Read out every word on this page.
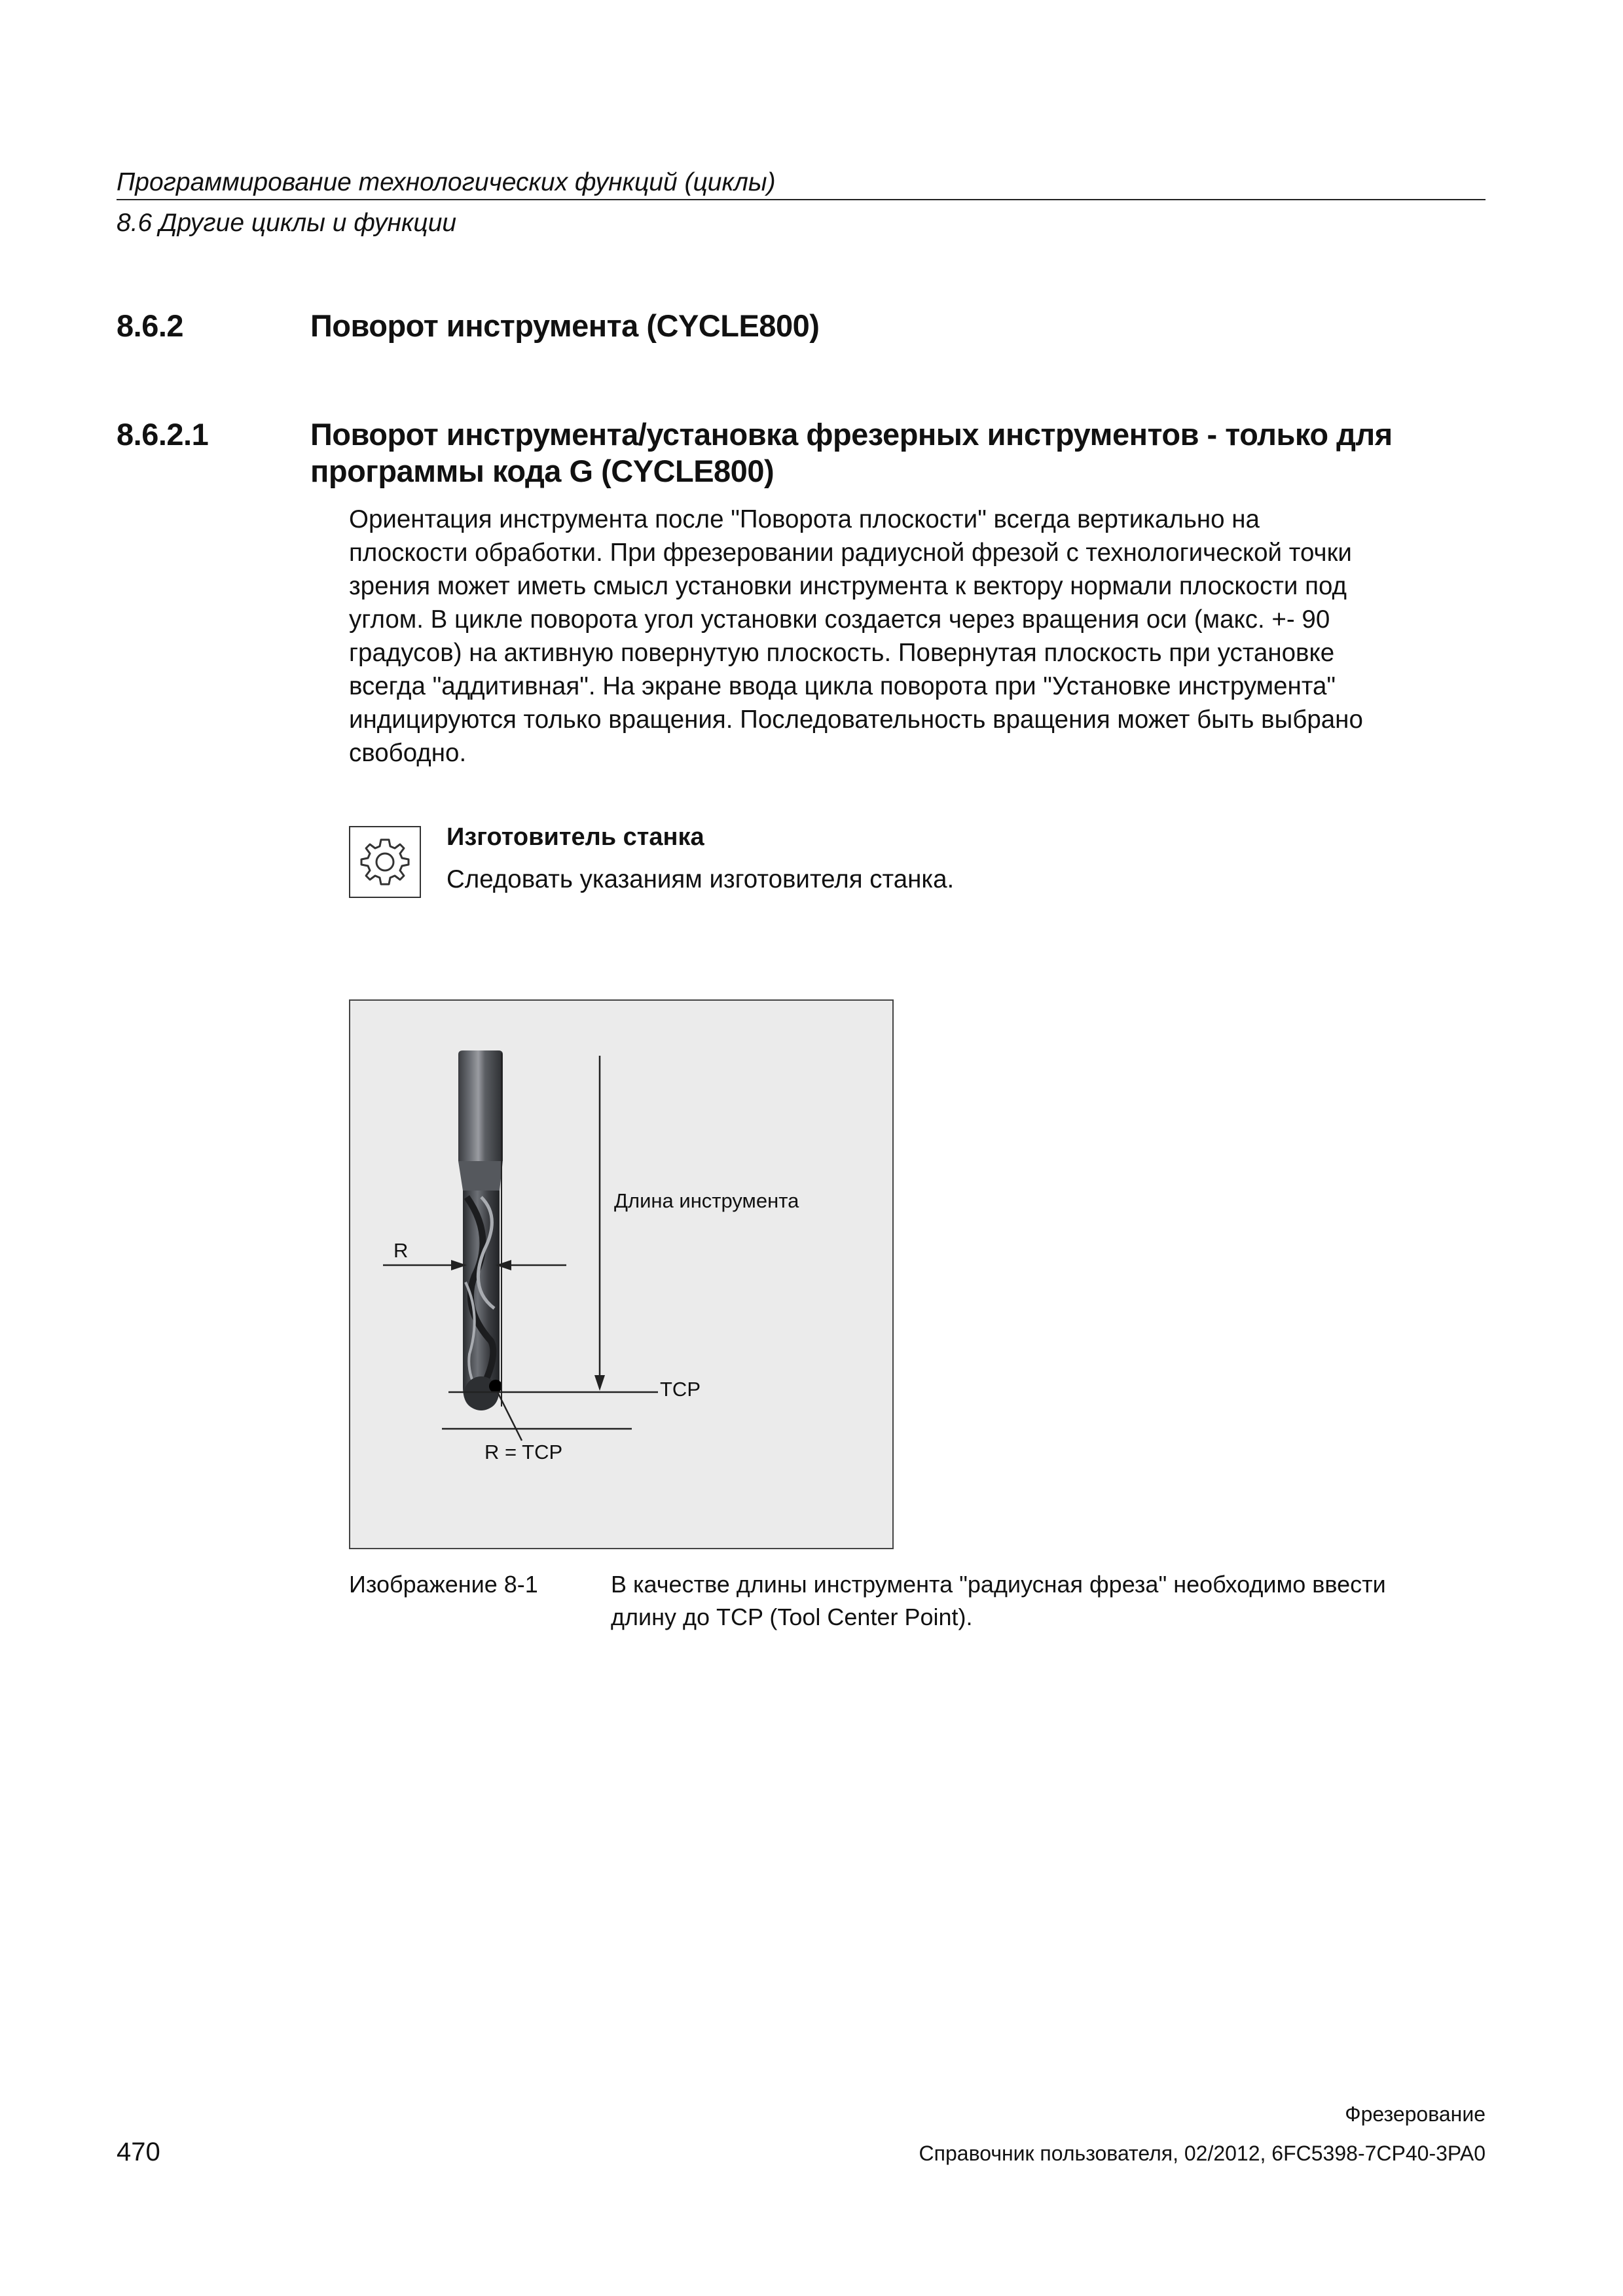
Программирование технологических функций (циклы)
8.6 Другие циклы и функции
8.6.2	Поворот инструмента (CYCLE800)
8.6.2.1	Поворот инструмента/установка фрезерных инструментов - только для
программы кода G (CYCLE800)

Ориентация инструмента после "Поворота плоскости" всегда вертикально на

плоскости обработки. При фрезеровании радиусной фрезой с технологической точки

зрения может иметь смысл установки инструмента к вектору нормали плоскости под

углом. В цикле поворота угол установки создается через вращения оси (макс. +- 90

градусов) на активную повернутую плоскость. Повернутая плоскость при установке

всегда "аддитивная". На экране ввода цикла поворота при "Установке инструмента"

индицируются только вращения. Последовательность вращения может быть выбрано

свободно.

Изготовитель станка
Следовать указаниям изготовителя станка.
Длина инструмента
R
TCP
R = TCP
Изображение 8-1	В качестве длины инструмента "радиусная фреза" необходимо ввести
длину до TCP (Tool Center Point).
Фрезерование
470	Справочник пользователя, 02/2012, 6FC5398-7CP40-3PA0
